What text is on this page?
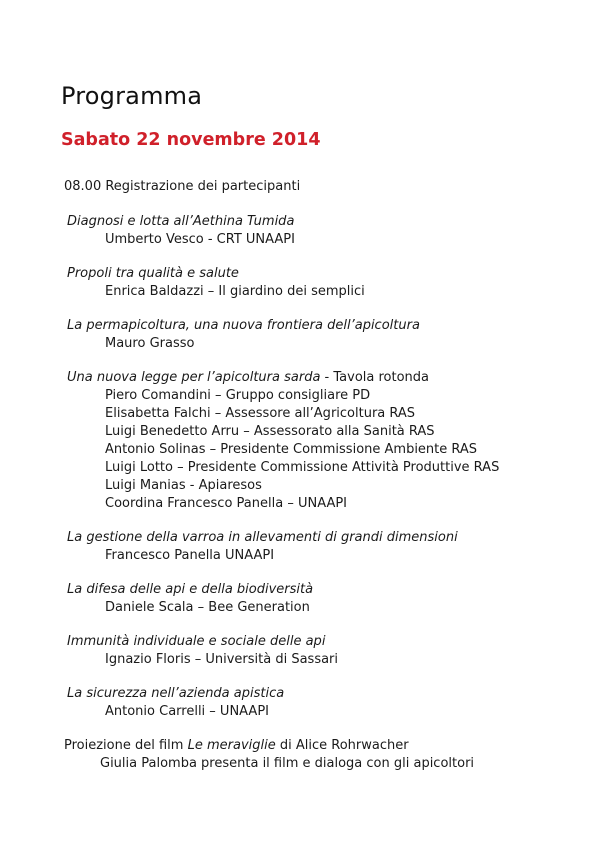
Programma
Sabato 22 novembre 2014
08.00 Registrazione dei partecipanti
Diagnosi e lotta all’Aethina Tumida
Umberto Vesco - CRT UNAAPI
Propoli tra qualità e salute
Enrica Baldazzi – Il giardino dei semplici
La permapicoltura, una nuova frontiera dell’apicoltura
Mauro Grasso
Una nuova legge per l’apicoltura sarda - Tavola rotonda
Piero Comandini – Gruppo consigliare PD
Elisabetta Falchi – Assessore all’Agricoltura RAS
Luigi Benedetto Arru – Assessorato alla Sanità RAS
Antonio Solinas – Presidente Commissione Ambiente RAS
Luigi Lotto – Presidente Commissione Attività Produttive RAS
Luigi Manias - Apiaresos
Coordina Francesco Panella – UNAAPI
La gestione della varroa in allevamenti di grandi dimensioni
Francesco Panella UNAAPI
La difesa delle api e della biodiversità
Daniele Scala – Bee Generation
Immunità individuale e sociale delle api
Ignazio Floris – Università di Sassari
La sicurezza nell’azienda apistica
Antonio Carrelli – UNAAPI
Proiezione del film Le meraviglie di Alice Rohrwacher
Giulia Palomba presenta il film e dialoga con gli apicoltori
